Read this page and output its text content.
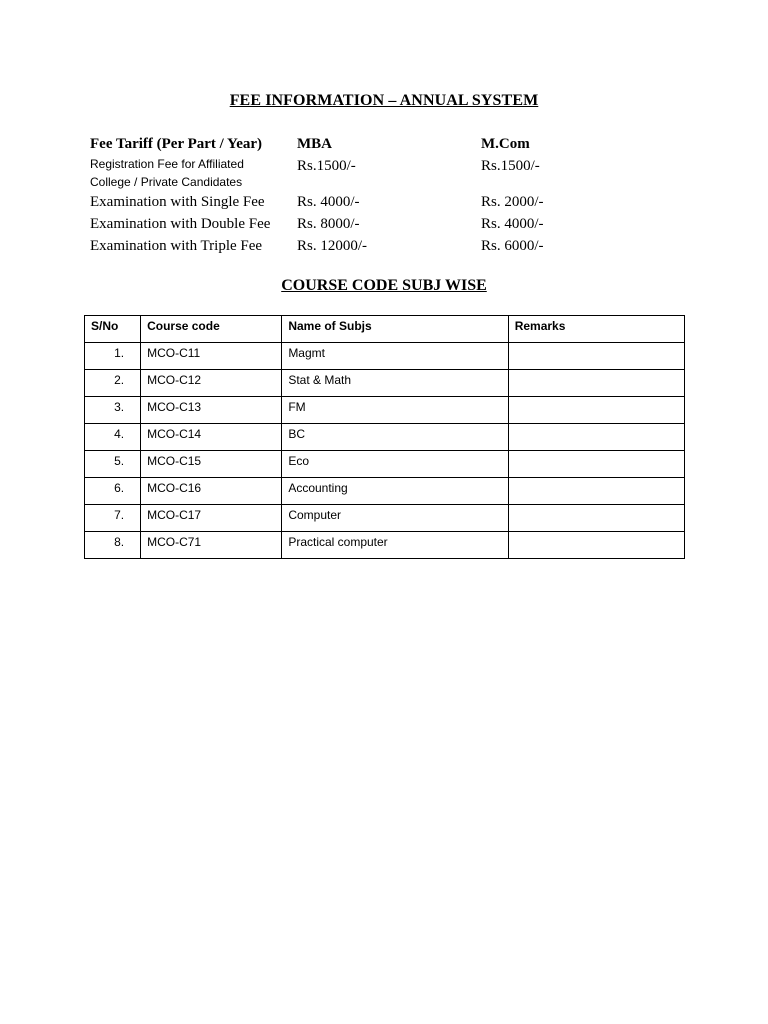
FEE INFORMATION – ANNUAL SYSTEM
Fee Tariff (Per Part / Year) MBA	M.Com
Registration Fee for Affiliated College / Private Candidates
Rs.1500/-	Rs.1500/-
Examination with Single Fee Rs. 4000/-	Rs. 2000/-
Examination with Double Fee Rs. 8000/-	Rs. 4000/-
Examination with Triple Fee Rs. 12000/-	Rs. 6000/-
COURSE CODE SUBJ WISE
S/No	Course code	Name of Subjs	Remarks
1.	MCO-C11	Magmt	
2.	MCO-C12	Stat & Math	
3.	MCO-C13	FM	
4.	MCO-C14	BC	
5.	MCO-C15	Eco	
6.	MCO-C16	Accounting	
7.	MCO-C17	Computer	
8.	MCO-C71	Practical computer	
